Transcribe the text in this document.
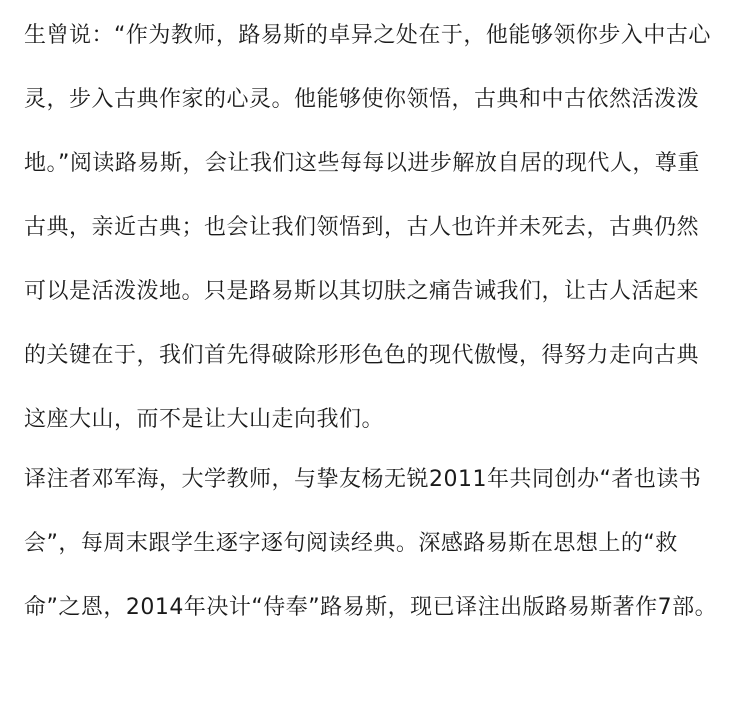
生曾说：“作为教师，路易斯的卓异之处在于，他能够领你步入中古心灵，步入古典作家的心灵。他能够使你领悟，古典和中古依然活泼泼地。”阅读路易斯，会让我们这些每每以进步解放自居的现代人，尊重古典，亲近古典；也会让我们领悟到，古人也许并未死去，古典仍然可以是活泼泼地。只是路易斯以其切肤之痛告诫我们，让古人活起来的关键在于，我们首先得破除形形色色的现代傲慢，得努力走向古典这座大山，而不是让大山走向我们。

译注者邓军海，大学教师，与挚友杨无锐2011年共同创办“者也读书会”，每周末跟学生逐字逐句阅读经典。深感路易斯在思想上的“救命”之恩，2014年决计“侍奉”路易斯，现已译注出版路易斯著作7部。
